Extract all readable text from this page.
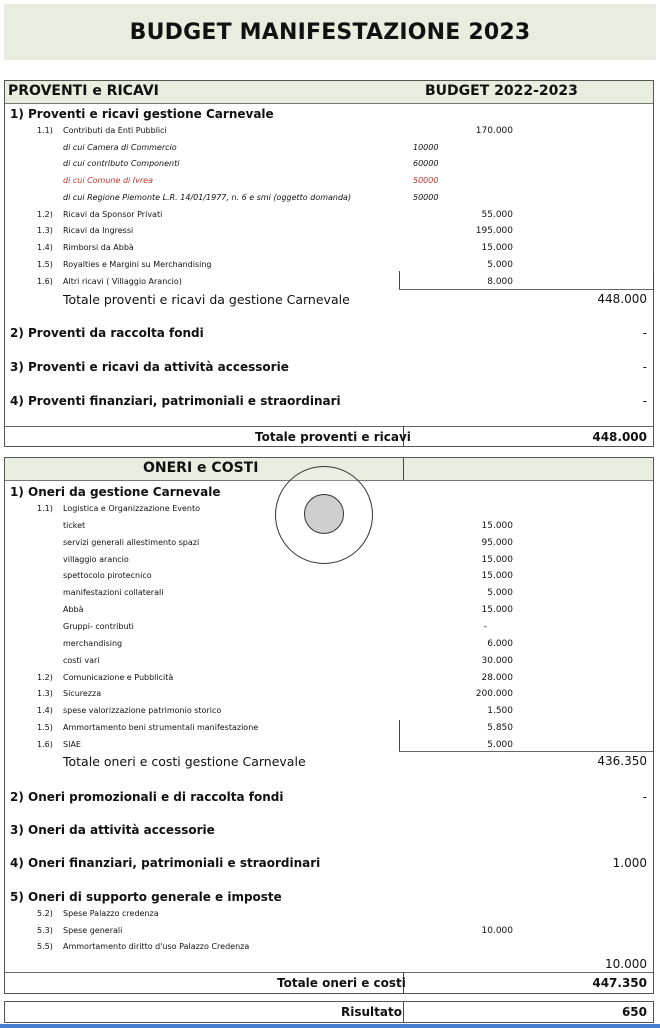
BUDGET MANIFESTAZIONE 2023
PROVENTI e RICAVI	BUDGET 2022-2023
1) Proventi e ricavi gestione Carnevale
1.1) Contributi da Enti Pubblici	170.000
di cui Camera di Commercio	10000
di cui contributo Componenti	60000
di cui Comune di Ivrea	50000
di cui Regione Piemonte L.R. 14/01/1977, n. 6 e smi (oggetto domanda)	50000
1.2) Ricavi da Sponsor Privati	55.000
1.3) Ricavi da Ingressi	195.000
1.4) Rimborsi da Abbà	15.000
1.5) Royalties e Margini su Merchandising	5.000
1.6) Altri ricavi ( Villaggio Arancio)	8.000
Totale proventi e ricavi da gestione Carnevale	448.000
2) Proventi da raccolta fondi	-
3) Proventi e ricavi da attività accessorie	-
4) Proventi finanziari, patrimoniali e straordinari	-
Totale proventi e ricavi	448.000
ONERI e COSTI
1) Oneri da gestione Carnevale
1.1) Logistica e Organizzazione Evento
ticket	15.000
servizi generali allestimento spazi	95.000
villaggio arancio	15.000
spettocolo pirotecnico	15.000
manifestazioni collaterali	5.000
Abbà	15.000
Gruppi- contributi	-
merchandising	6.000
costi vari	30.000
1.2) Comunicazione e Pubblicità	28.000
1.3) Sicurezza	200.000
1.4) spese valorizzazione patrimonio storico	1.500
1.5) Ammortamento beni strumentali manifestazione	5.850
1.6) SIAE	5.000
Totale oneri e costi gestione Carnevale	436.350
2) Oneri promozionali e di raccolta fondi	-
3) Oneri da attività accessorie
4) Oneri finanziari, patrimoniali e straordinari	1.000
5) Oneri di supporto generale e imposte
5.2) Spese Palazzo credenza
5.3) Spese generali	10.000
5.5) Ammortamento diritto d'uso Palazzo Credenza
10.000
Totale oneri e costi	447.350
Risultato	650
